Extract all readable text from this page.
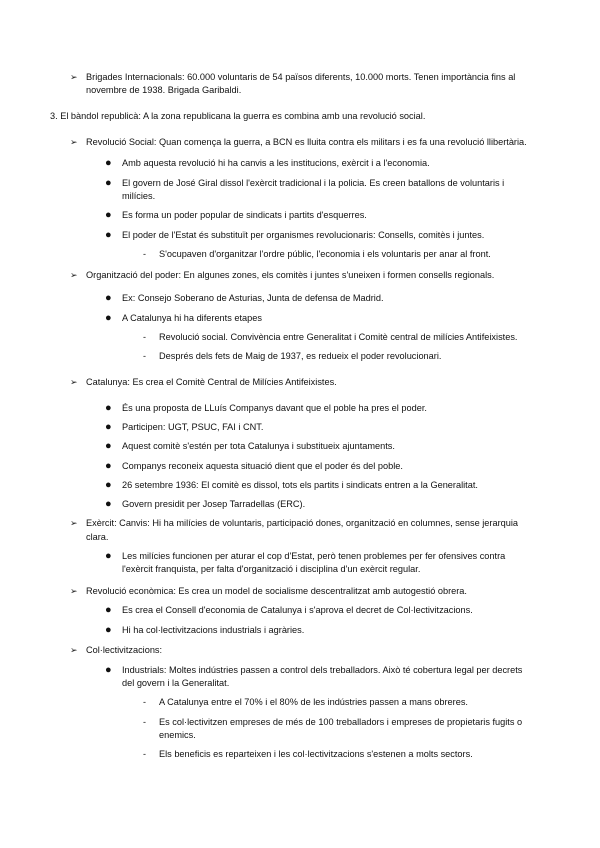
➢ Brigades Internacionals: 60.000 voluntaris de 54 països diferents, 10.000 morts. Tenen importància fins al
novembre de 1938. Brigada Garibaldi.
3. El bàndol republicà: A la zona republicana la guerra es combina amb una revolució social.
➢ Revolució Social: Quan comença la guerra, a BCN es lluita contra els militars i es fa una revolució llibertària.
● Amb aquesta revolució hi ha canvis a les institucions, exèrcit i a l'economia.
● El govern de José Giral dissol l'exèrcit tradicional i la policia. Es creen batallons de voluntaris i
milícies.
● Es forma un poder popular de sindicats i partits d'esquerres.
● El poder de l'Estat és substituït per organismes revolucionaris: Consells, comitès i juntes.
- S'ocupaven d'organitzar l'ordre públic, l'economia i els voluntaris per anar al front.
➢ Organització del poder: En algunes zones, els comitès i juntes s'uneixen i formen consells regionals.
● Ex: Consejo Soberano de Asturias, Junta de defensa de Madrid.
● A Catalunya hi ha diferents etapes
- Revolució social. Convivència entre Generalitat i Comitè central de milícies Antifeixistes.
- Després dels fets de Maig de 1937, es redueix el poder revolucionari.
➢ Catalunya: Es crea el Comitè Central de Milícies Antifeixistes.
● És una proposta de LLuís Companys davant que el poble ha pres el poder.
● Participen: UGT, PSUC, FAI i CNT.
● Aquest comitè s'estén per tota Catalunya i substitueix ajuntaments.
● Companys reconeix aquesta situació dient que el poder és del poble.
● 26 setembre 1936: El comitè es dissol, tots els partits i sindicats entren a la Generalitat.
● Govern presidit per Josep Tarradellas (ERC).
➢ Exèrcit: Canvis: Hi ha milícies de voluntaris, participació dones, organització en columnes, sense jerarquia
clara.
● Les milícies funcionen per aturar el cop d'Estat, però tenen problemes per fer ofensives contra
l'exèrcit franquista, per falta d'organització i disciplina d'un exèrcit regular.
➢ Revolució econòmica: Es crea un model de socialisme descentralitzat amb autogestió obrera.
● Es crea el Consell d'economia de Catalunya i s'aprova el decret de Col·lectivitzacions.
● Hi ha col·lectivitzacions industrials i agràries.
➢ Col·lectivitzacions:
● Industrials: Moltes indústries passen a control dels treballadors. Això té cobertura legal per decrets
del govern i la Generalitat.
- A Catalunya entre el 70% i el 80% de les indústries passen a mans obreres.
- Es col·lectivitzen empreses de més de 100 treballadors i empreses de propietaris fugits o
enemics.
- Els beneficis es reparteixen i les col·lectivitzacions s'estenen a molts sectors.
